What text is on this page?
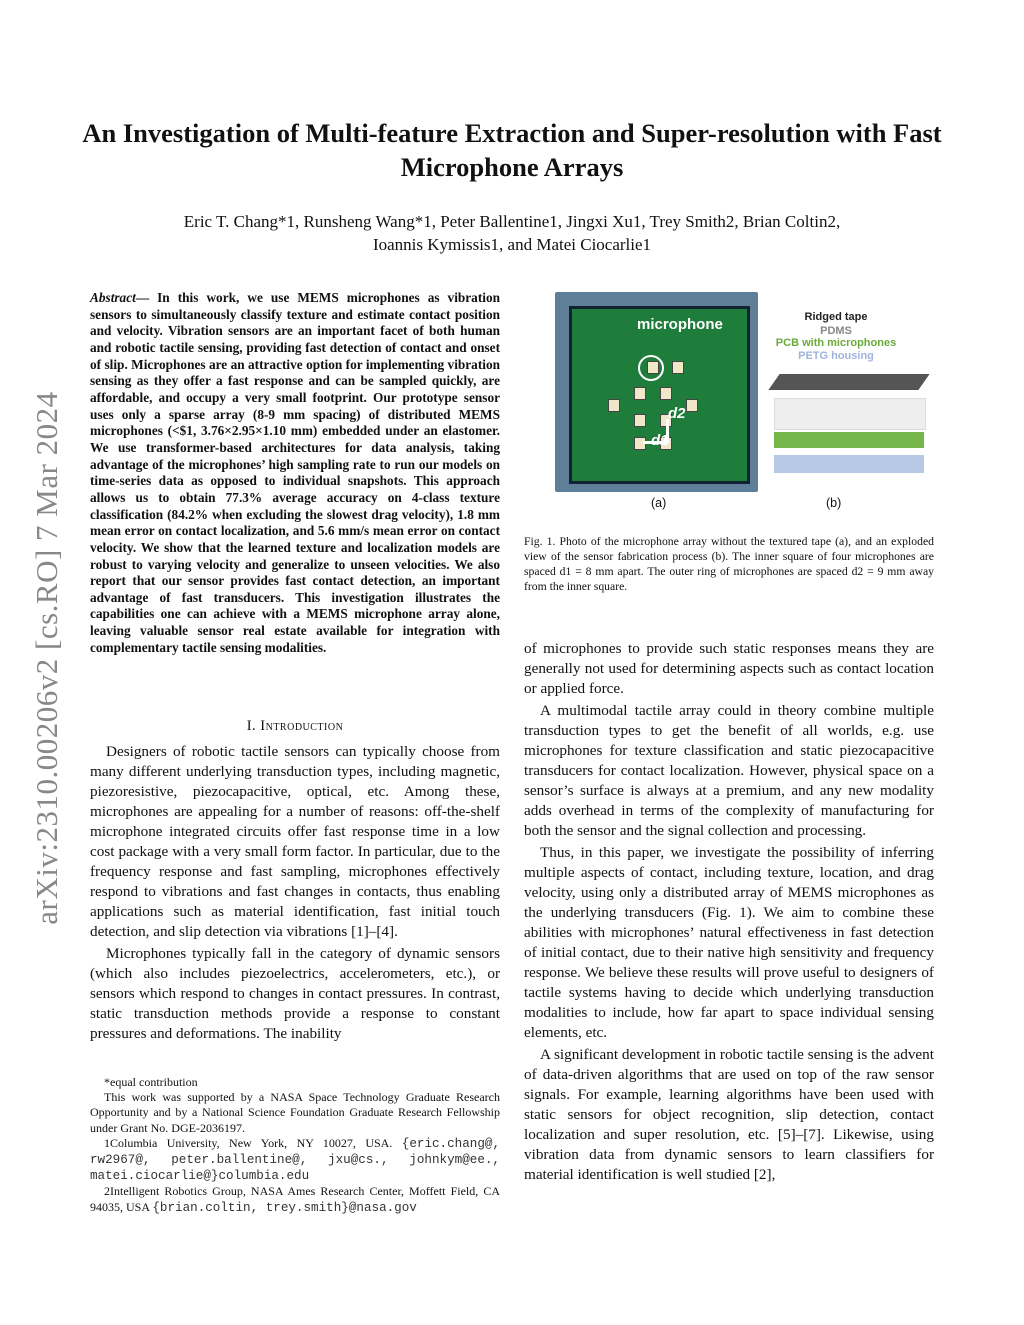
arXiv:2310.00206v2 [cs.RO] 7 Mar 2024
An Investigation of Multi-feature Extraction and Super-resolution with Fast Microphone Arrays
Eric T. Chang*1, Runsheng Wang*1, Peter Ballentine1, Jingxi Xu1, Trey Smith2, Brian Coltin2,
Ioannis Kymissis1, and Matei Ciocarlie1
Abstract— In this work, we use MEMS microphones as vibration sensors to simultaneously classify texture and estimate contact position and velocity. Vibration sensors are an important facet of both human and robotic tactile sensing, providing fast detection of contact and onset of slip. Microphones are an attractive option for implementing vibration sensing as they offer a fast response and can be sampled quickly, are affordable, and occupy a very small footprint. Our prototype sensor uses only a sparse array (8-9 mm spacing) of distributed MEMS microphones (<$1, 3.76×2.95×1.10 mm) embedded under an elastomer. We use transformer-based architectures for data analysis, taking advantage of the microphones’ high sampling rate to run our models on time-series data as opposed to individual snapshots. This approach allows us to obtain 77.3% average accuracy on 4-class texture classification (84.2% when excluding the slowest drag velocity), 1.8 mm mean error on contact localization, and 5.6 mm/s mean error on contact velocity. We show that the learned texture and localization models are robust to varying velocity and generalize to unseen velocities. We also report that our sensor provides fast contact detection, an important advantage of fast transducers. This investigation illustrates the capabilities one can achieve with a MEMS microphone array alone, leaving valuable sensor real estate available for integration with complementary tactile sensing modalities.
I. Introduction

Designers of robotic tactile sensors can typically choose from many different underlying transduction types, including magnetic, piezoresistive, piezocapacitive, optical, etc. Among these, microphones are appealing for a number of reasons: off-the-shelf microphone integrated circuits offer fast response time in a low cost package with a very small form factor. In particular, due to the frequency response and fast sampling, microphones effectively respond to vibrations and fast changes in contacts, thus enabling applications such as material identification, fast initial touch detection, and slip detection via vibrations [1]–[4].

Microphones typically fall in the category of dynamic sensors (which also includes piezoelectrics, accelerometers, etc.), or sensors which respond to changes in contact pressures. In contrast, static transduction methods provide a response to constant pressures and deformations. The inability

*equal contribution

This work was supported by a NASA Space Technology Graduate Research Opportunity and by a National Science Foundation Graduate Research Fellowship under Grant No. DGE-2036197.

1Columbia University, New York, NY 10027, USA. {eric.chang@, rw2967@, peter.ballentine@, jxu@cs., johnkym@ee., matei.ciocarlie@}columbia.edu

2Intelligent Robotics Group, NASA Ames Research Center, Moffett Field, CA 94035, USA {brian.coltin, trey.smith}@nasa.gov

microphone
d1
d2
Ridged tape
PDMS
PCB with microphones
PETG housing
(a)	(b)
Fig. 1. Photo of the microphone array without the textured tape (a), and an exploded view of the sensor fabrication process (b). The inner square of four microphones are spaced d1 = 8 mm apart. The outer ring of microphones are spaced d2 = 9 mm away from the inner square.

of microphones to provide such static responses means they are generally not used for determining aspects such as contact location or applied force.

A multimodal tactile array could in theory combine multiple transduction types to get the benefit of all worlds, e.g. use microphones for texture classification and static piezocapacitive transducers for contact localization. However, physical space on a sensor’s surface is always at a premium, and any new modality adds overhead in terms of the complexity of manufacturing for both the sensor and the signal collection and processing.

Thus, in this paper, we investigate the possibility of inferring multiple aspects of contact, including texture, location, and drag velocity, using only a distributed array of MEMS microphones as the underlying transducers (Fig. 1). We aim to combine these abilities with microphones’ natural effectiveness in fast detection of initial contact, due to their native high sensitivity and frequency response. We believe these results will prove useful to designers of tactile systems having to decide which underlying transduction modalities to include, how far apart to space individual sensing elements, etc.

A significant development in robotic tactile sensing is the advent of data-driven algorithms that are used on top of the raw sensor signals. For example, learning algorithms have been used with static sensors for object recognition, slip detection, contact localization and super resolution, etc. [5]–[7]. Likewise, using vibration data from dynamic sensors to learn classifiers for material identification is well studied [2],
